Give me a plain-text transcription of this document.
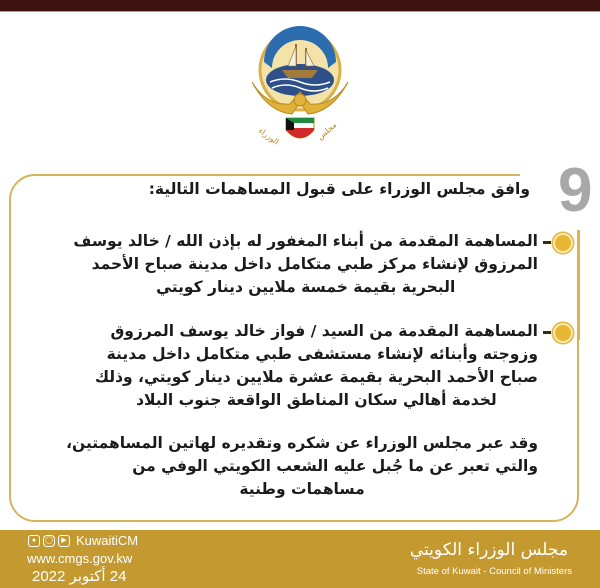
الوزراء	مجلس
9
وافق مجلس الوزراء على قبول المساهمات التالية:
المساهمة المقدمة من أبناء المغفور له بإذن الله / خالد يوسف
المرزوق لإنشاء مركز طبي متكامل داخل مدينة صباح الأحمد
البحرية بقيمة خمسة ملايين دينار كويتي
المساهمة المقدمة من السيد / فواز خالد يوسف المرزوق
وزوجته وأبنائه لإنشاء مستشفى طبي متكامل داخل مدينة
صباح الأحمد البحرية بقيمة عشرة ملايين دينار كويتي، وذلك
لخدمة أهالي سكان المناطق الواقعة جنوب البلاد
وقد عبر مجلس الوزراء عن شكره وتقديره لهاتين المساهمتين،
والتي تعبر عن ما جُبل عليه الشعب الكويتي الوفي من
مساهمات وطنية
●	◯	▶ KuwaitiCM
www.cmgs.gov.kw
24 أكتوبر 2022
مجلس الوزراء الكويتي
State of Kuwait - Council of Ministers
